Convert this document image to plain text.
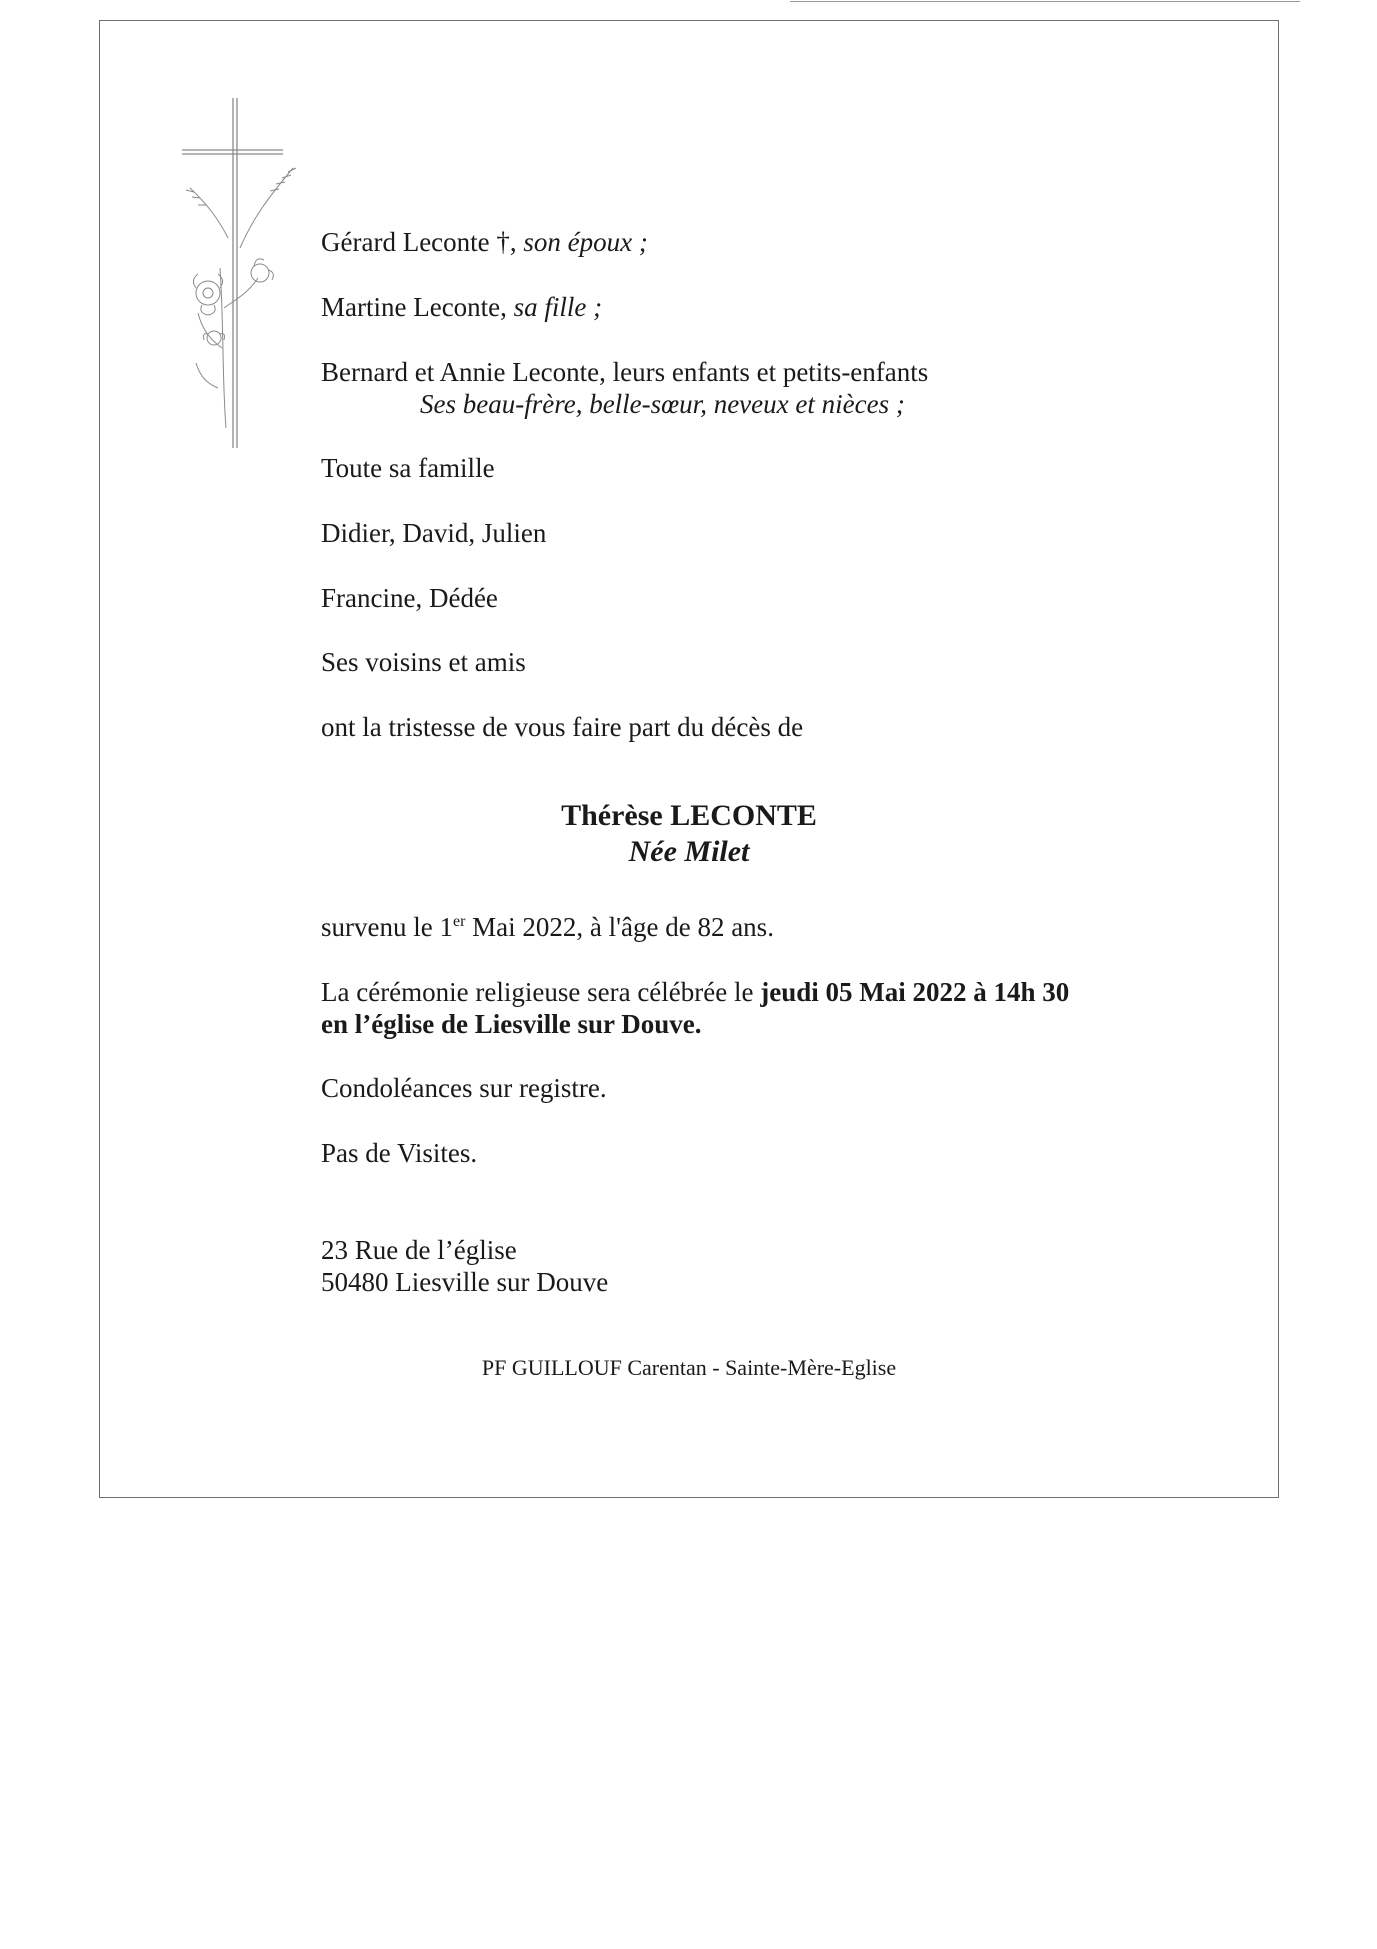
Gérard Leconte †, son époux ;
Martine Leconte, sa fille ;
Bernard et Annie Leconte, leurs enfants et petits-enfants
Ses beau-frère, belle-sœur, neveux et nièces ;
Toute sa famille
Didier, David, Julien
Francine, Dédée
Ses voisins et amis
ont la tristesse de vous faire part du décès de
Thérèse LECONTE
Née Milet
survenu le 1er Mai 2022, à l'âge de 82 ans.
La cérémonie religieuse sera célébrée le jeudi 05 Mai 2022 à 14h 30
en l’église de Liesville sur Douve.
Condoléances sur registre.
Pas de Visites.
23 Rue de l’église
50480 Liesville sur Douve
PF GUILLOUF Carentan - Sainte-Mère-Eglise
